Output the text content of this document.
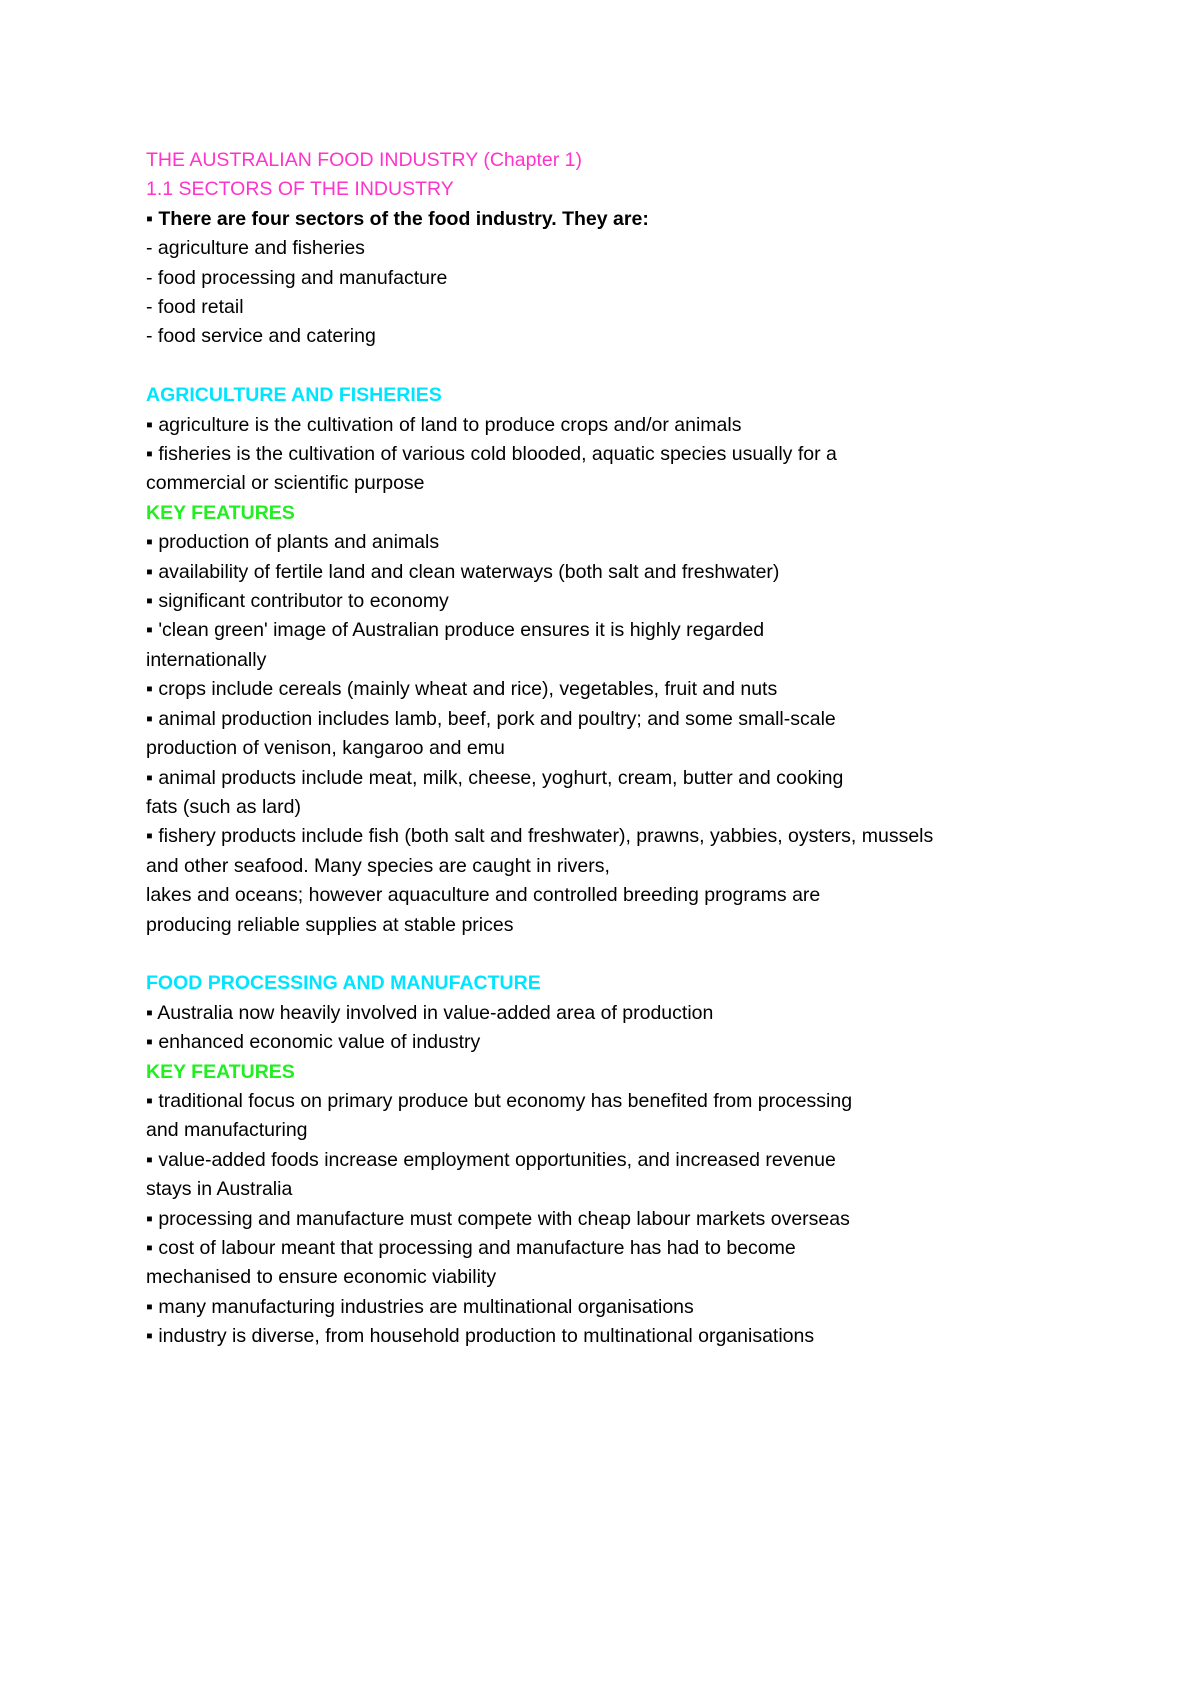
THE AUSTRALIAN FOOD INDUSTRY (Chapter 1)

1.1 SECTORS OF THE INDUSTRY

▪ There are four sectors of the food industry. They are:

- agriculture and fisheries

- food processing and manufacture

- food retail

- food service and catering

AGRICULTURE AND FISHERIES

▪ agriculture is the cultivation of land to produce crops and/or animals

▪ fisheries is the cultivation of various cold blooded, aquatic species usually for a

commercial or scientific purpose

KEY FEATURES

▪ production of plants and animals

▪ availability of fertile land and clean waterways (both salt and freshwater)

▪ significant contributor to economy

▪ 'clean green' image of Australian produce ensures it is highly regarded

internationally

▪ crops include cereals (mainly wheat and rice), vegetables, fruit and nuts

▪ animal production includes lamb, beef, pork and poultry; and some small-scale

production of venison, kangaroo and emu

▪ animal products include meat, milk, cheese, yoghurt, cream, butter and cooking

fats (such as lard)

▪ fishery products include fish (both salt and freshwater), prawns, yabbies, oysters, mussels

and other seafood. Many species are caught in rivers,

lakes and oceans; however aquaculture and controlled breeding programs are

producing reliable supplies at stable prices

FOOD PROCESSING AND MANUFACTURE

▪ Australia now heavily involved in value-added area of production

▪ enhanced economic value of industry

KEY FEATURES

▪ traditional focus on primary produce but economy has benefited from processing

and manufacturing

▪ value-added foods increase employment opportunities, and increased revenue

stays in Australia

▪ processing and manufacture must compete with cheap labour markets overseas

▪ cost of labour meant that processing and manufacture has had to become

mechanised to ensure economic viability

▪ many manufacturing industries are multinational organisations

▪ industry is diverse, from household production to multinational organisations
